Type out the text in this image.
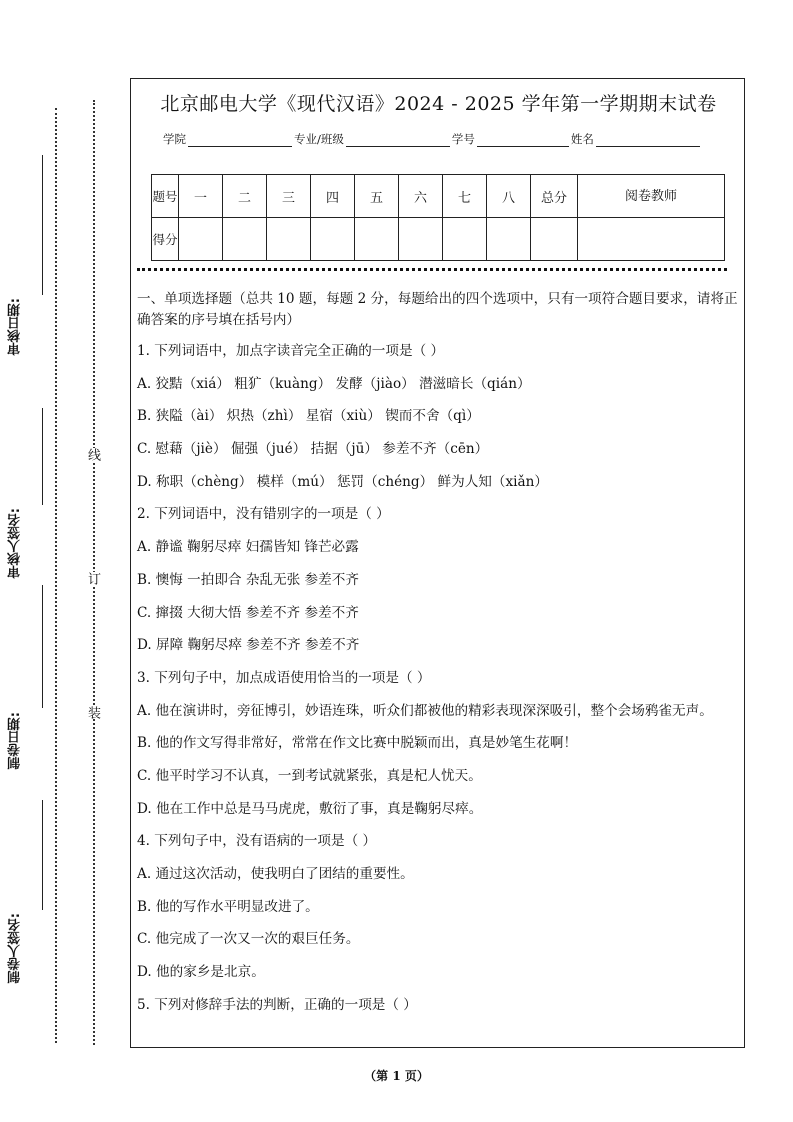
审核日期:
审核人签名:
制卷日期:
制卷人签名:
线
订
装
北京邮电大学《现代汉语》2024 - 2025 学年第一学期期末试卷
学院	专业/班级	学号	姓名
题号	一	二	三	四	五	六	七	八	总分	阅卷教师
得分										

一、单项选择题（总共 10 题，每题 2 分，每题给出的四个选项中，只有一项符合题目要求，请将正确答案的序号填在括号内）

1. 下列词语中，加点字读音完全正确的一项是（ ）

A. 狡黠（xiá） 粗犷（kuàng） 发酵（jiào） 潜滋暗长（qián）

B. 狭隘（ài） 炽热（zhì） 星宿（xiù） 锲而不舍（qì）

C. 慰藉（jiè） 倔强（jué） 拮据（jū） 参差不齐（cēn）

D. 称职（chèng） 模样（mú） 惩罚（chéng） 鲜为人知（xiǎn）

2. 下列词语中，没有错别字的一项是（ ）

A. 静谧 鞠躬尽瘁 妇孺皆知 锋芒必露

B. 懊悔 一拍即合 杂乱无张 参差不齐

C. 撺掇 大彻大悟 参差不齐 参差不齐

D. 屏障 鞠躬尽瘁 参差不齐 参差不齐

3. 下列句子中，加点成语使用恰当的一项是（ ）

A. 他在演讲时，旁征博引，妙语连珠，听众们都被他的精彩表现深深吸引，整个会场鸦雀无声。

B. 他的作文写得非常好，常常在作文比赛中脱颖而出，真是妙笔生花啊！

C. 他平时学习不认真，一到考试就紧张，真是杞人忧天。

D. 他在工作中总是马马虎虎，敷衍了事，真是鞠躬尽瘁。

4. 下列句子中，没有语病的一项是（ ）

A. 通过这次活动，使我明白了团结的重要性。

B. 他的写作水平明显改进了。

C. 他完成了一次又一次的艰巨任务。

D. 他的家乡是北京。

5. 下列对修辞手法的判断，正确的一项是（ ）

（第 1 页）
